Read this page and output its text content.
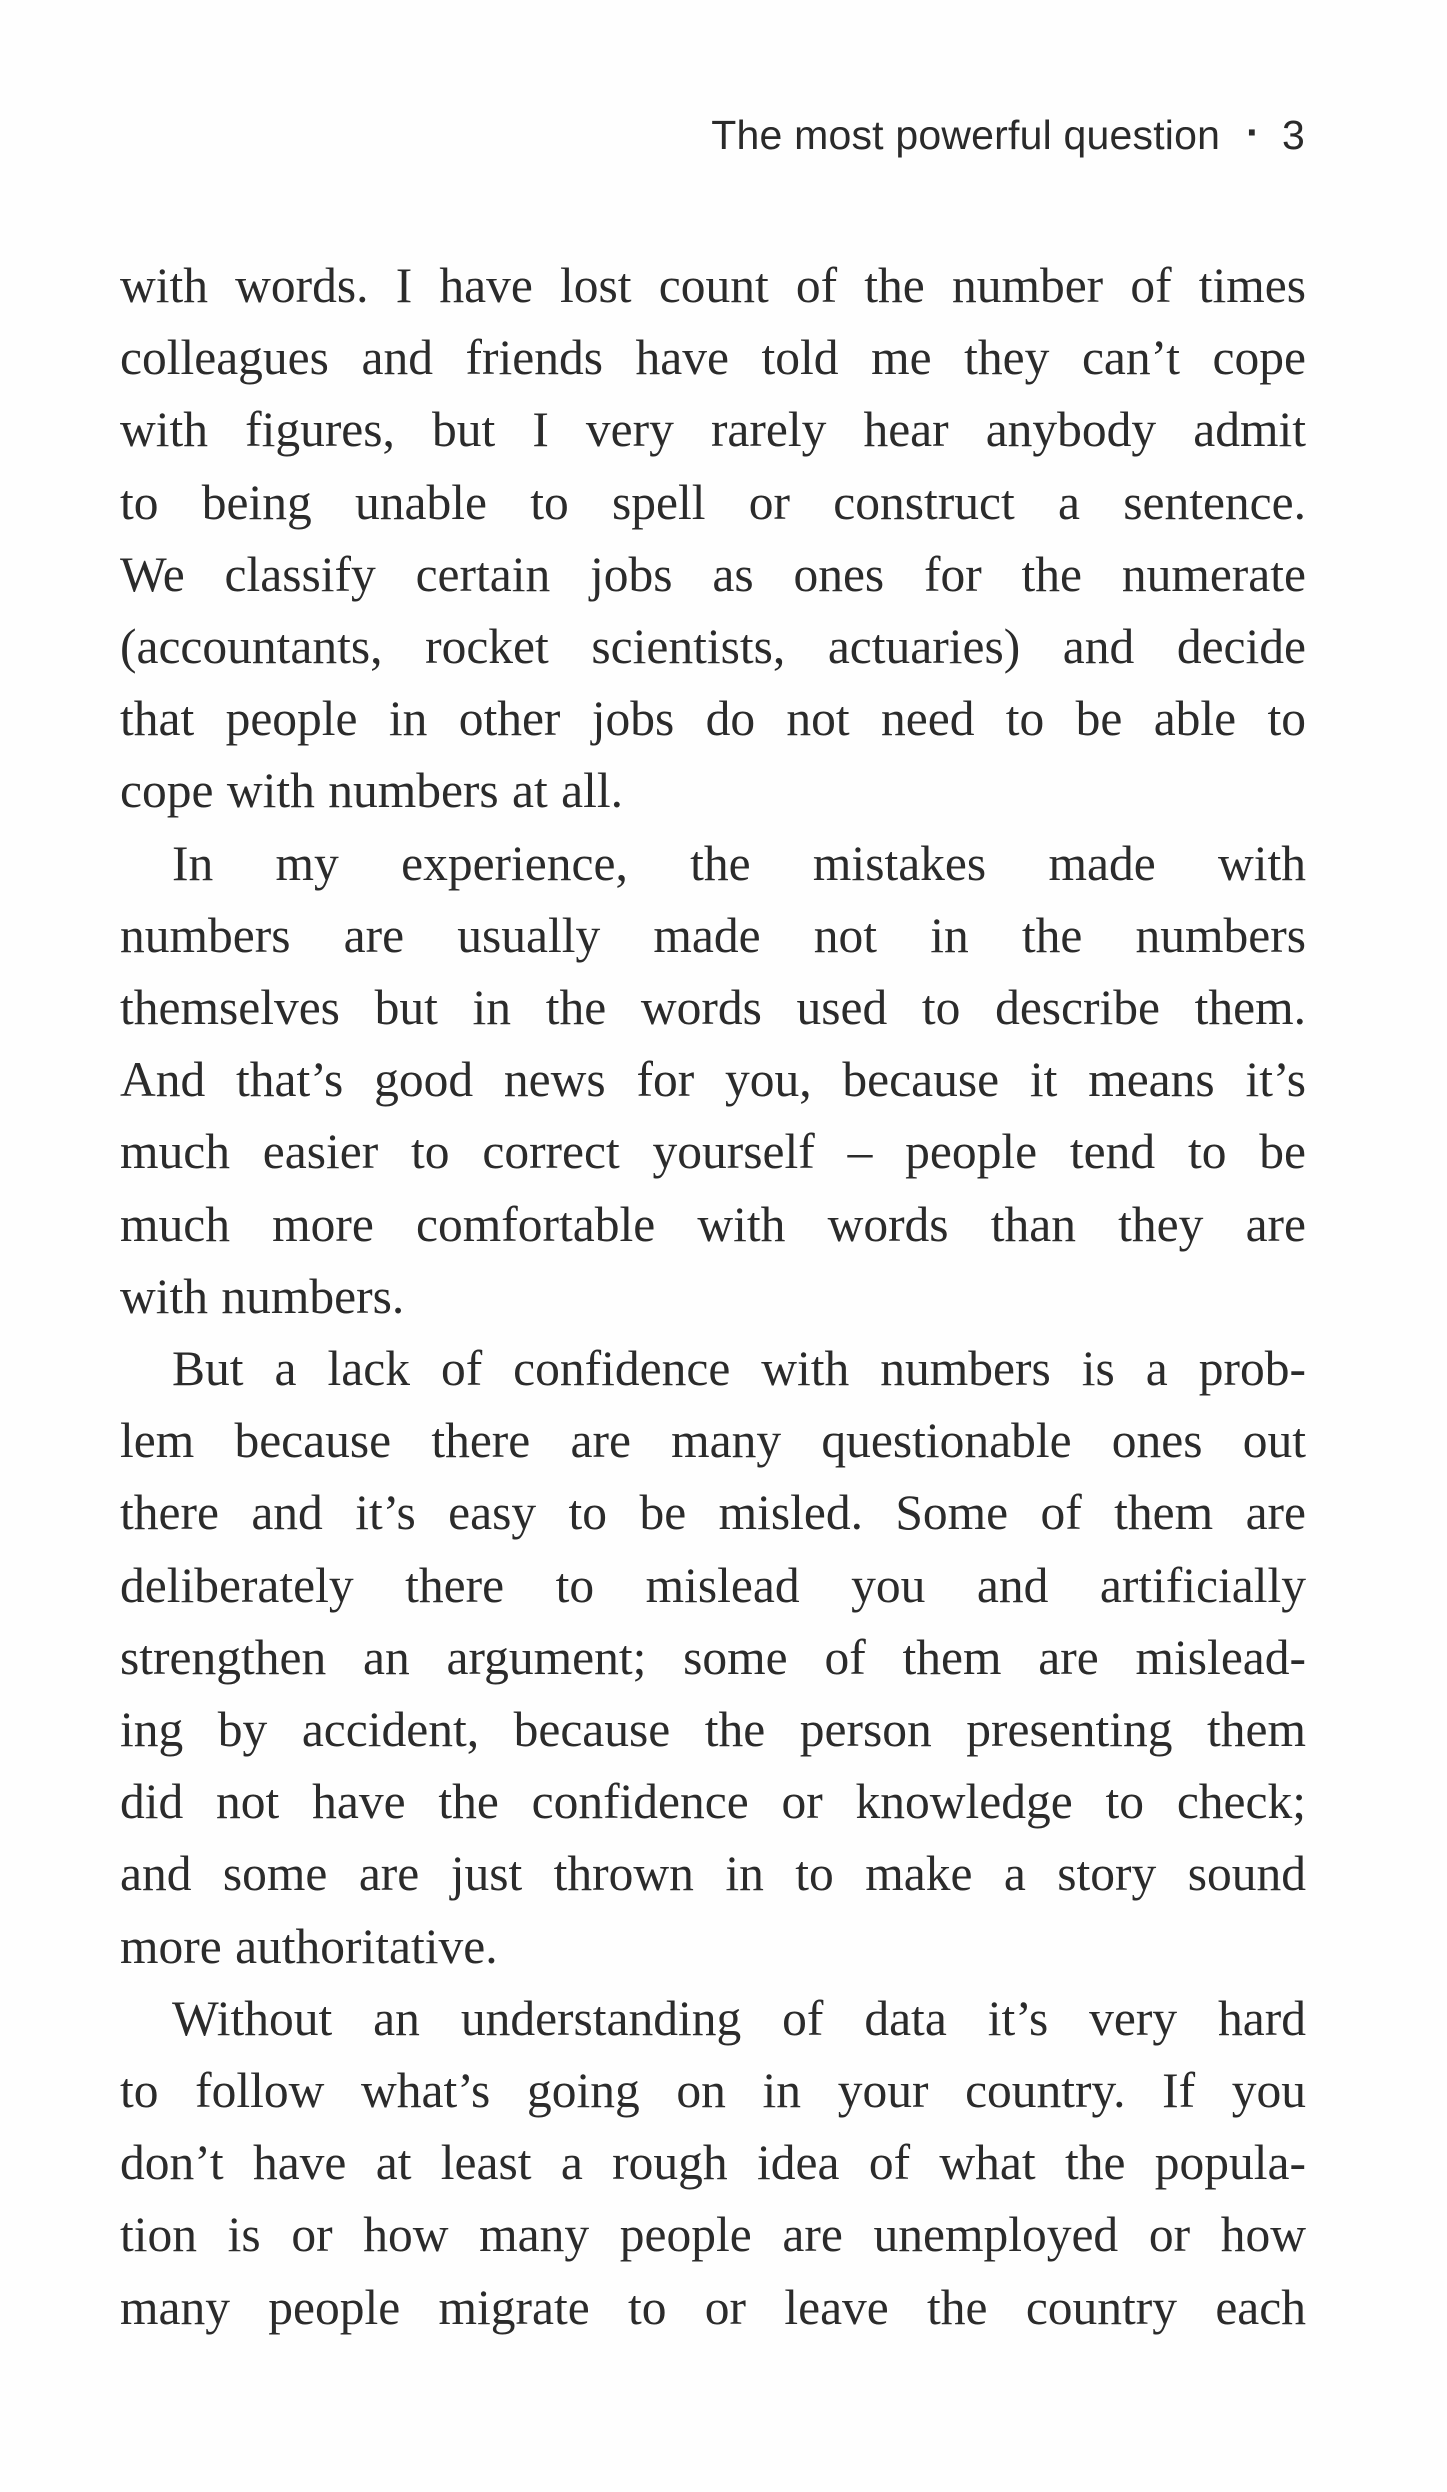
The most powerful question · 3

with words. I have lost count of the number of times
colleagues and friends have told me they can’t cope
with figures, but I very rarely hear anybody admit
to being unable to spell or construct a sentence.
We classify certain jobs as ones for the numerate
(accountants, rocket scientists, actuaries) and decide
that people in other jobs do not need to be able to
cope with numbers at all.

In my experience, the mistakes made with
numbers are usually made not in the numbers
themselves but in the words used to describe them.
And that’s good news for you, because it means it’s
much easier to correct yourself – people tend to be
much more comfortable with words than they are
with numbers.

But a lack of confidence with numbers is a prob-
lem because there are many questionable ones out
there and it’s easy to be misled. Some of them are
deliberately there to mislead you and artificially
strengthen an argument; some of them are mislead-
ing by accident, because the person presenting them
did not have the confidence or knowledge to check;
and some are just thrown in to make a story sound
more authoritative.

Without an understanding of data it’s very hard
to follow what’s going on in your country. If you
don’t have at least a rough idea of what the popula-
tion is or how many people are unemployed or how
many people migrate to or leave the country each
